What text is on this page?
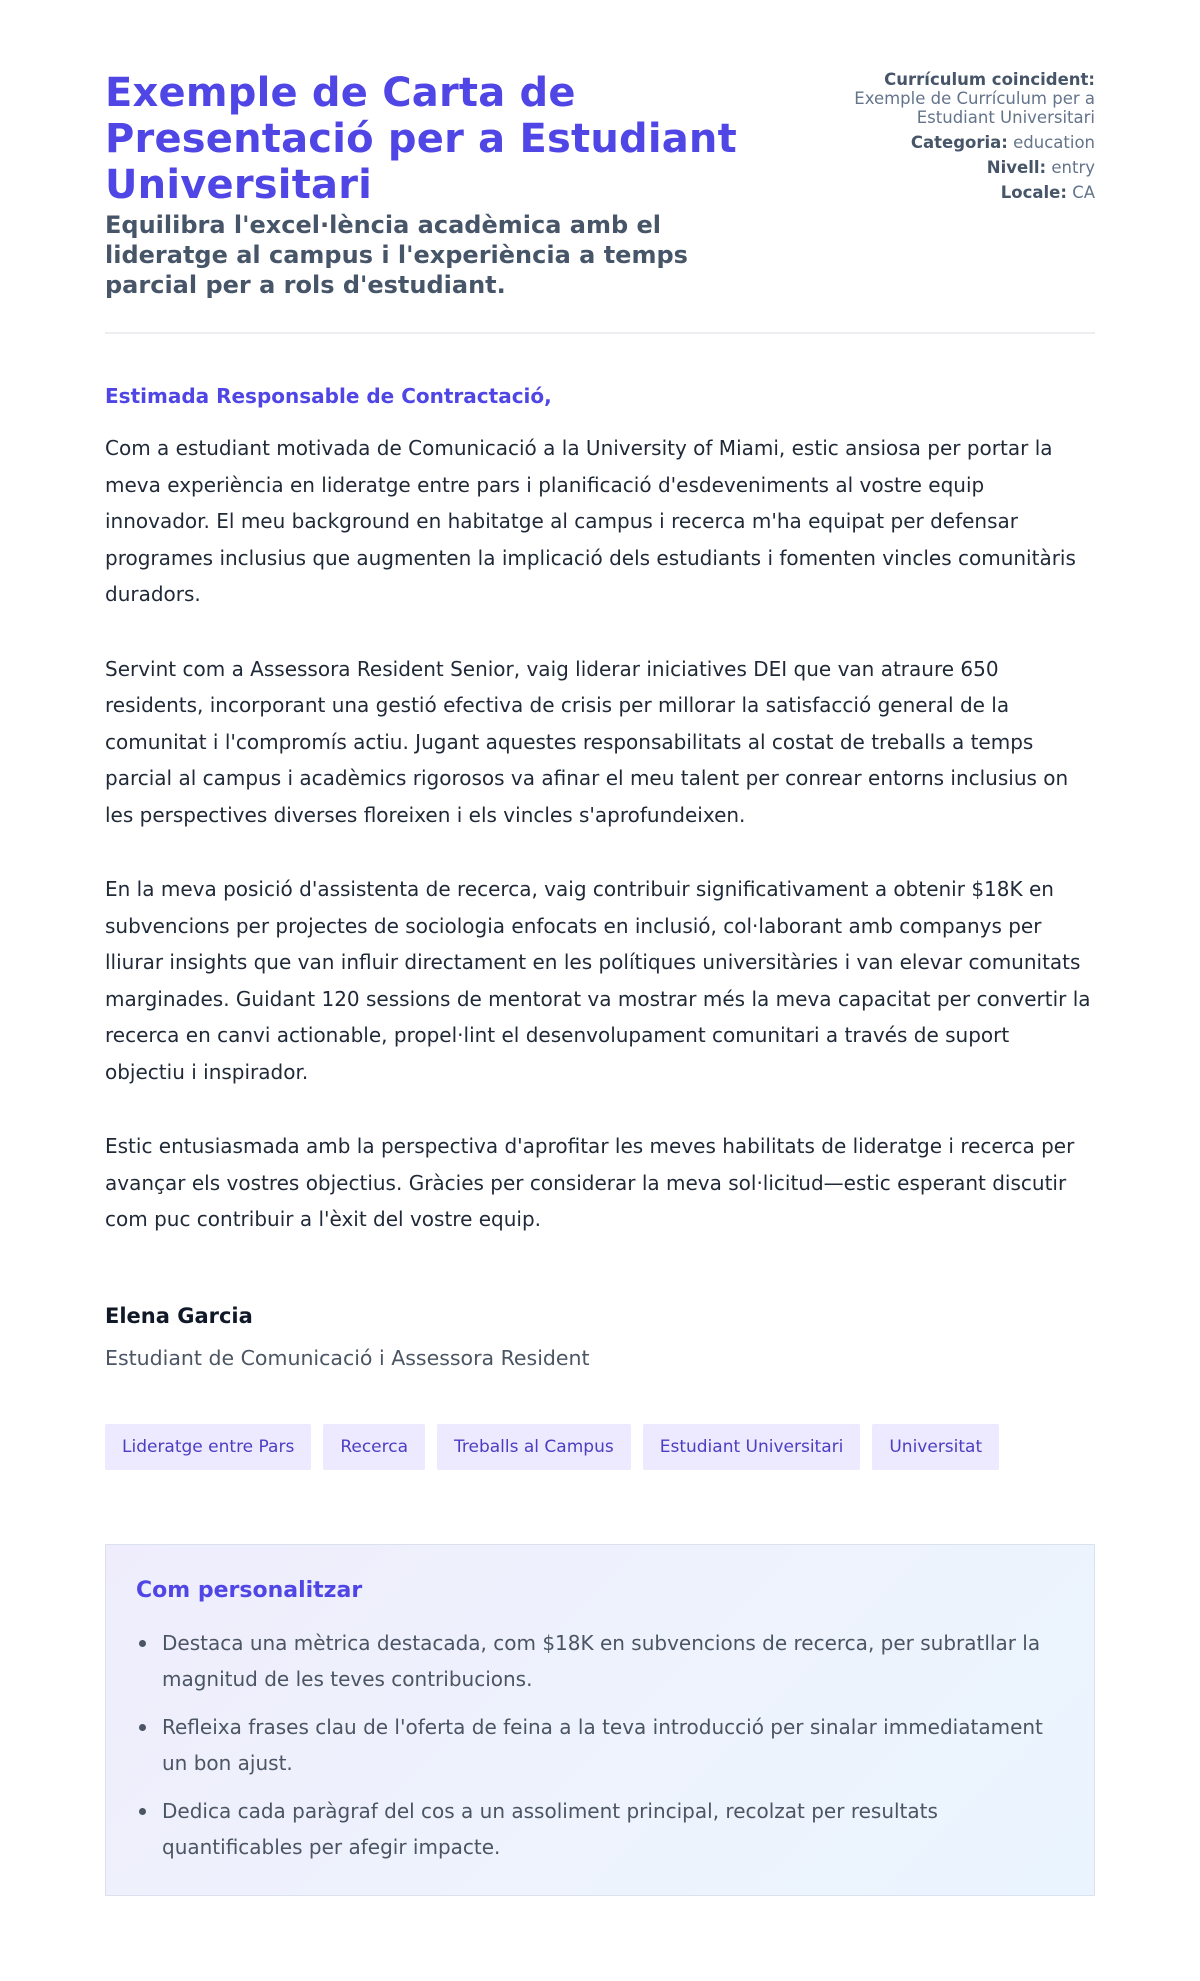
Exemple de Carta de Presentació per a Estudiant Universitari
Equilibra l'excel·lència acadèmica amb el lideratge al campus i l'experiència a temps parcial per a rols d'estudiant.
Currículum coincident:
Exemple de Currículum per a Estudiant Universitari
Categoria: education
Nivell: entry
Locale: CA
Estimada Responsable de Contractació,

Com a estudiant motivada de Comunicació a la University of Miami, estic ansiosa per portar la meva experiència en lideratge entre pars i planificació d'esdeveniments al vostre equip innovador. El meu background en habitatge al campus i recerca m'ha equipat per defensar programes inclusius que augmenten la implicació dels estudiants i fomenten vincles comunitàris duradors.

Servint com a Assessora Resident Senior, vaig liderar iniciatives DEI que van atraure 650 residents, incorporant una gestió efectiva de crisis per millorar la satisfacció general de la comunitat i l'compromís actiu. Jugant aquestes responsabilitats al costat de treballs a temps parcial al campus i acadèmics rigorosos va afinar el meu talent per conrear entorns inclusius on les perspectives diverses floreixen i els vincles s'aprofundeixen.

En la meva posició d'assistenta de recerca, vaig contribuir significativament a obtenir $18K en subvencions per projectes de sociologia enfocats en inclusió, col·laborant amb companys per lliurar insights que van influir directament en les polítiques universitàries i van elevar comunitats marginades. Guidant 120 sessions de mentorat va mostrar més la meva capacitat per convertir la recerca en canvi actionable, propel·lint el desenvolupament comunitari a través de suport objectiu i inspirador.

Estic entusiasmada amb la perspectiva d'aprofitar les meves habilitats de lideratge i recerca per avançar els vostres objectius. Gràcies per considerar la meva sol·licitud—estic esperant discutir com puc contribuir a l'èxit del vostre equip.

Elena Garcia
Estudiant de Comunicació i Assessora Resident
Lideratge entre Pars	Recerca	Treballs al Campus	Estudiant Universitari	Universitat
Com personalitzar
Destaca una mètrica destacada, com $18K en subvencions de recerca, per subratllar la magnitud de les teves contribucions.
Refleixa frases clau de l'oferta de feina a la teva introducció per sinalar immediatament un bon ajust.
Dedica cada paràgraf del cos a un assoliment principal, recolzat per resultats quantificables per afegir impacte.
